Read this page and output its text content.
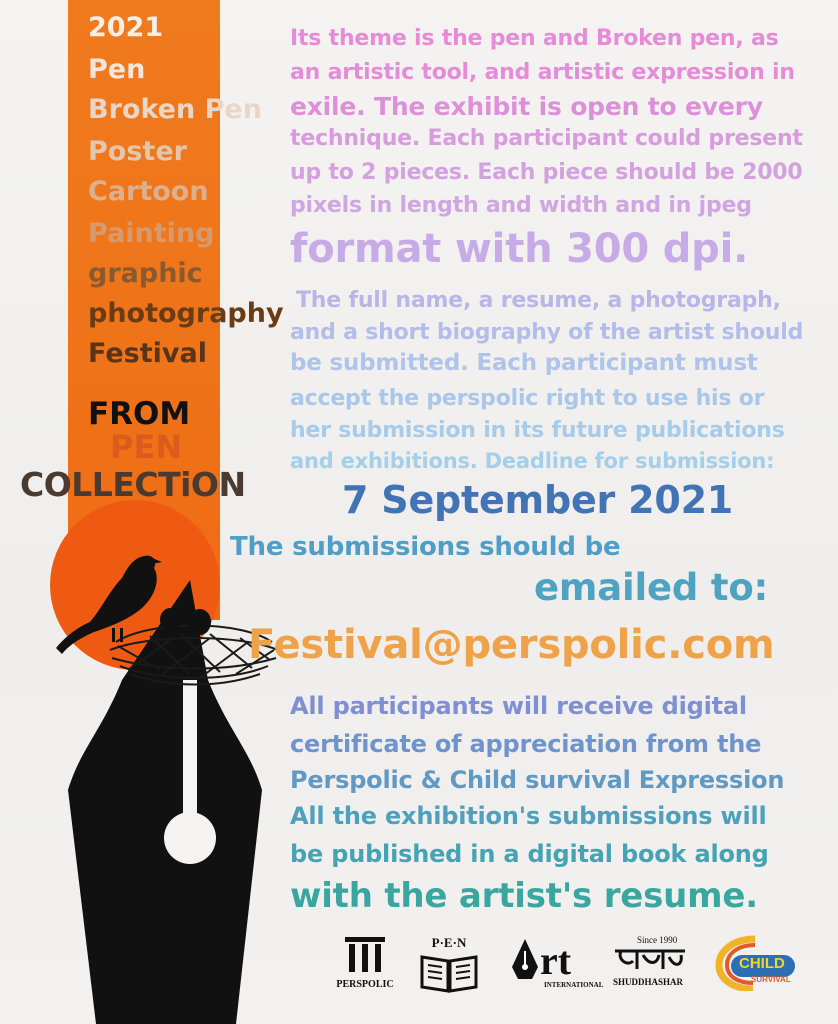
2021
Pen
Broken Pen
Poster
Cartoon
Painting
graphic
photography
Festival
FROM
PEN
COLLECTiON
Its theme is the pen and Broken pen, as
an artistic tool, and artistic expression in
exile. The exhibit is open to every
technique. Each participant could present
up to 2 pieces. Each piece should be 2000
pixels in length and width and in jpeg
format with 300 dpi.
The full name, a resume, a photograph,
and a short biography of the artist should
be submitted. Each participant must
accept the perspolic right to use his or
her submission in its future publications
and exhibitions. Deadline for submission:
7 September 2021
The submissions should be
emailed to:
Festival@perspolic.com
All participants will receive digital
certificate of appreciation from the
Perspolic & Child survival Expression
All the exhibition's submissions will
be published in a digital book along
with the artist's resume.
PERSPOLIC
P·E·N	rt
INTERNATIONAL
Since 1990
SHUDDHASHAR
CHILD
SURVIVAL
